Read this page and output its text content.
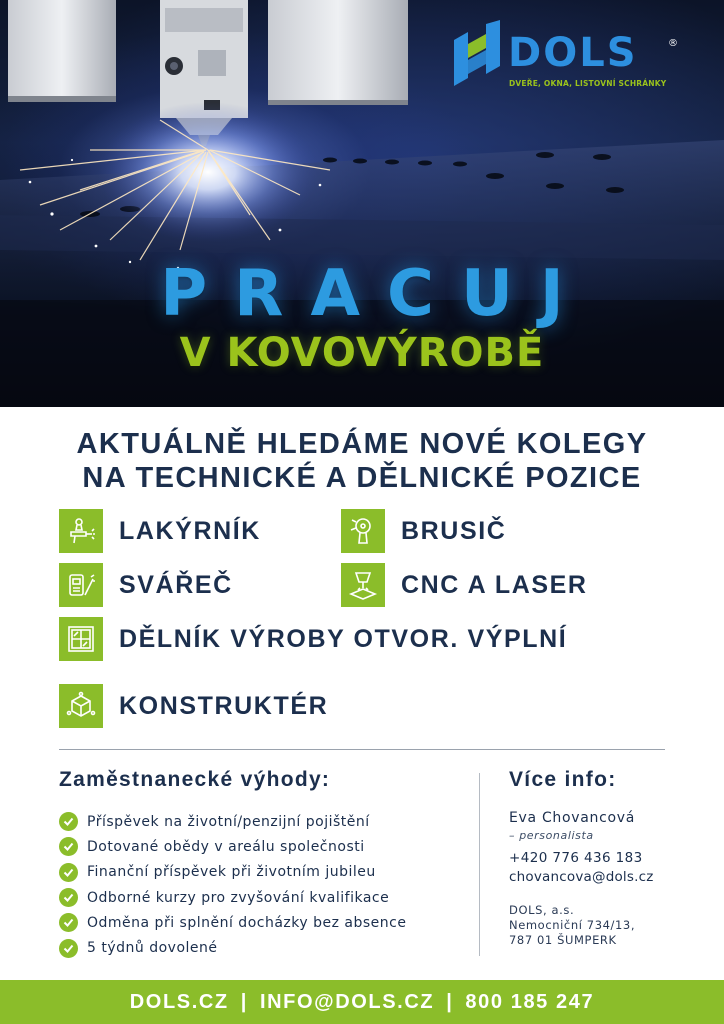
DOLS	®
DVEŘE, OKNA, LISTOVNÍ SCHRÁNKY
PRACUJ
V KOVOVÝROBĚ
AKTUÁLNĚ HLEDÁME NOVÉ KOLEGY
NA TECHNICKÉ A DĚLNICKÉ POZICE
LAKÝRNÍK	BRUSIČ
SVÁŘEČ	CNC A LASER
DĚLNÍK VÝROBY OTVOR. VÝPLNÍ
KONSTRUKTÉR
Zaměstnanecké výhody:
Příspěvek na životní/penzijní pojištění
Dotované obědy v areálu společnosti
Finanční příspěvek při životním jubileu
Odborné kurzy pro zvyšování kvalifikace
Odměna při splnění docházky bez absence
5 týdnů dovolené
Více info:
Eva Chovancová
– personalista
+420 776 436 183
chovancova@dols.cz
DOLS, a.s.
Nemocniční 734/13,
787 01 ŠUMPERK
DOLS.CZ | INFO@DOLS.CZ | 800 185 247
